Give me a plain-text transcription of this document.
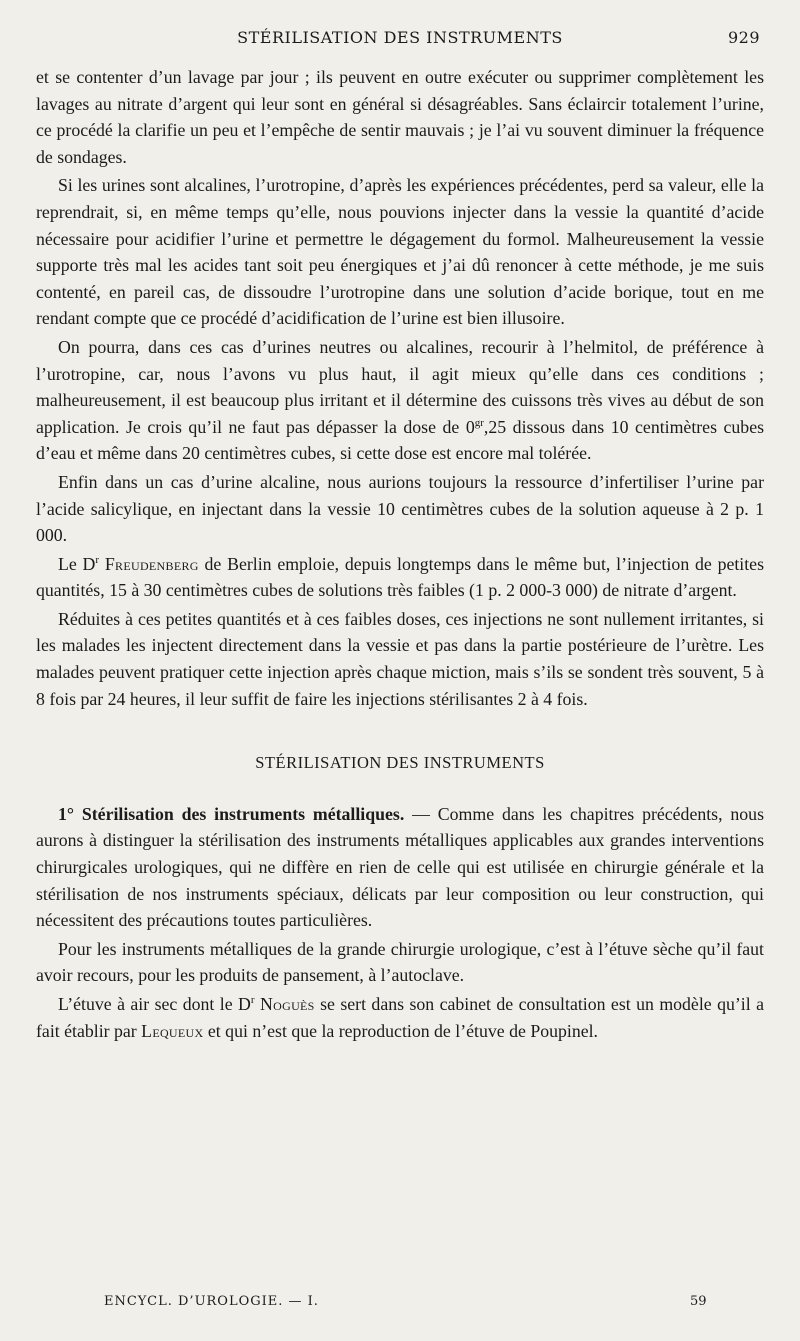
STÉRILISATION DES INSTRUMENTS	929

et se contenter d’un lavage par jour ; ils peuvent en outre exécuter ou supprimer complètement les lavages au nitrate d’argent qui leur sont en général si désagréables. Sans éclaircir totalement l’urine, ce procédé la clarifie un peu et l’empêche de sentir mauvais ; je l’ai vu souvent diminuer la fréquence de sondages.

Si les urines sont alcalines, l’urotropine, d’après les expériences précédentes, perd sa valeur, elle la reprendrait, si, en même temps qu’elle, nous pouvions injecter dans la vessie la quantité d’acide nécessaire pour acidifier l’urine et permettre le dégagement du formol. Malheureusement la vessie supporte très mal les acides tant soit peu énergiques et j’ai dû renoncer à cette méthode, je me suis contenté, en pareil cas, de dissoudre l’urotropine dans une solution d’acide borique, tout en me rendant compte que ce procédé d’acidification de l’urine est bien illusoire.

On pourra, dans ces cas d’urines neutres ou alcalines, recourir à l’helmitol, de préférence à l’urotropine, car, nous l’avons vu plus haut, il agit mieux qu’elle dans ces conditions ; malheureusement, il est beaucoup plus irritant et il détermine des cuissons très vives au début de son application. Je crois qu’il ne faut pas dépasser la dose de $0^{gr},25$ dissous dans 10 centimètres cubes d’eau et même dans 20 centimètres cubes, si cette dose est encore mal tolérée.

Enfin dans un cas d’urine alcaline, nous aurions toujours la ressource d’infertiliser l’urine par l’acide salicylique, en injectant dans la vessie 10 centimètres cubes de la solution aqueuse à 2 p. 1 000.

Le $D^r$ Freudenberg de Berlin emploie, depuis longtemps dans le même but, l’injection de petites quantités, 15 à 30 centimètres cubes de solutions très faibles (1 p. 2 000-3 000) de nitrate d’argent.

Réduites à ces petites quantités et à ces faibles doses, ces injections ne sont nullement irritantes, si les malades les injectent directement dans la vessie et pas dans la partie postérieure de l’urètre. Les malades peuvent pratiquer cette injection après chaque miction, mais s’ils se sondent très souvent, 5 à 8 fois par 24 heures, il leur suffit de faire les injections stérilisantes 2 à 4 fois.

STÉRILISATION DES INSTRUMENTS

1° Stérilisation des instruments métalliques. — Comme dans les chapitres précédents, nous aurons à distinguer la stérilisation des instruments métalliques applicables aux grandes interventions chirurgicales urologiques, qui ne diffère en rien de celle qui est utilisée en chirurgie générale et la stérilisation de nos instruments spéciaux, délicats par leur composition ou leur construction, qui nécessitent des précautions toutes particulières.

Pour les instruments métalliques de la grande chirurgie urologique, c’est à l’étuve sèche qu’il faut avoir recours, pour les produits de pansement, à l’autoclave.

L’étuve à air sec dont le $D^r$ Noguès se sert dans son cabinet de consultation est un modèle qu’il a fait établir par Lequeux et qui n’est que la reproduction de l’étuve de Poupinel.

ENCYCL. D’UROLOGIE. — I.	59
